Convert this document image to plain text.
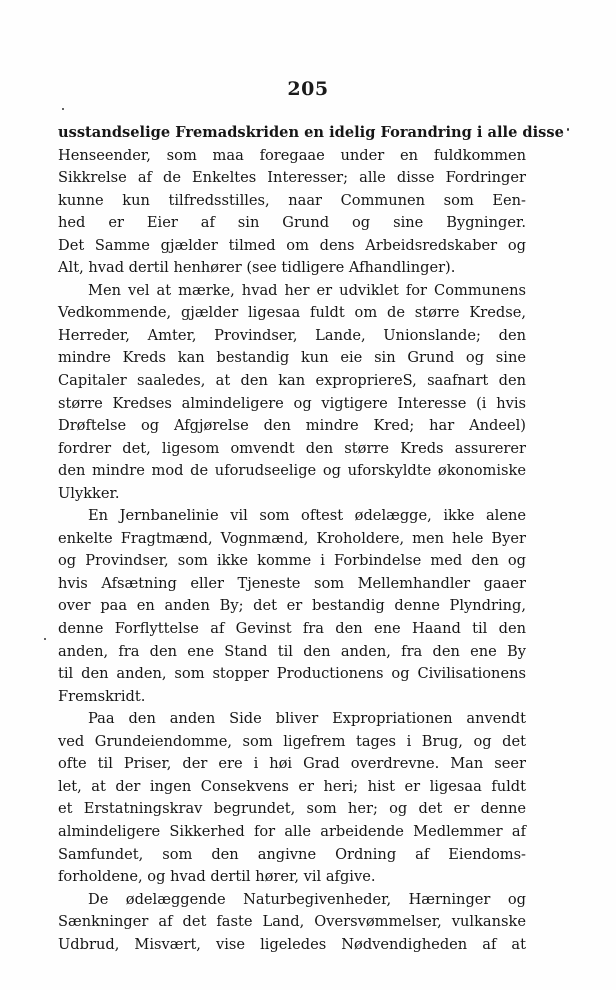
205
usstandselige Fremadskriden en idelig Forandring i alle disse
Henseender, som maa foregaae under en fuldkommen
Sikkrelse af de Enkeltes Interesser; alle disse Fordringer
kunne kun tilfredsstilles, naar Communen som Een-
hed er Eier af sin Grund og sine Bygninger.
Det Samme gjælder tilmed om dens Arbeidsredskaber og
Alt, hvad dertil henhører (see tidligere Afhandlinger).
Men vel at mærke, hvad her er udviklet for Communens
Vedkommende, gjælder ligesaa fuldt om de større Kredse,
Herreder, Amter, Provindser, Lande, Unionslande; den
mindre Kreds kan bestandig kun eie sin Grund og sine
Capitaler saaledes, at den kan expropriereS, saafnart den
større Kredses almindeligere og vigtigere Interesse (i hvis
Drøftelse og Afgjørelse den mindre Kred; har Andeel)
fordrer det, ligesom omvendt den større Kreds assurerer
den mindre mod de uforudseelige og uforskyldte økonomiske
Ulykker.
En Jernbanelinie vil som oftest ødelægge, ikke alene
enkelte Fragtmænd, Vognmænd, Kroholdere, men hele Byer
og Provindser, som ikke komme i Forbindelse med den og
hvis Afsætning eller Tjeneste som Mellemhandler gaaer
over paa en anden By; det er bestandig denne Plyndring,
denne Forflyttelse af Gevinst fra den ene Haand til den
anden, fra den ene Stand til den anden, fra den ene By
til den anden, som stopper Productionens og Civilisationens
Fremskridt.
Paa den anden Side bliver Expropriationen anvendt
ved Grundeiendomme, som ligefrem tages i Brug, og det
ofte til Priser, der ere i høi Grad overdrevne. Man seer
let, at der ingen Consekvens er heri; hist er ligesaa fuldt
et Erstatningskrav begrundet, som her; og det er denne
almindeligere Sikkerhed for alle arbeidende Medlemmer af
Samfundet, som den angivne Ordning af Eiendoms-
forholdene, og hvad dertil hører, vil afgive.
De ødelæggende Naturbegivenheder, Hærninger og
Sænkninger af det faste Land, Oversvømmelser, vulkanske
Udbrud, Misvært, vise ligeledes Nødvendigheden af at
